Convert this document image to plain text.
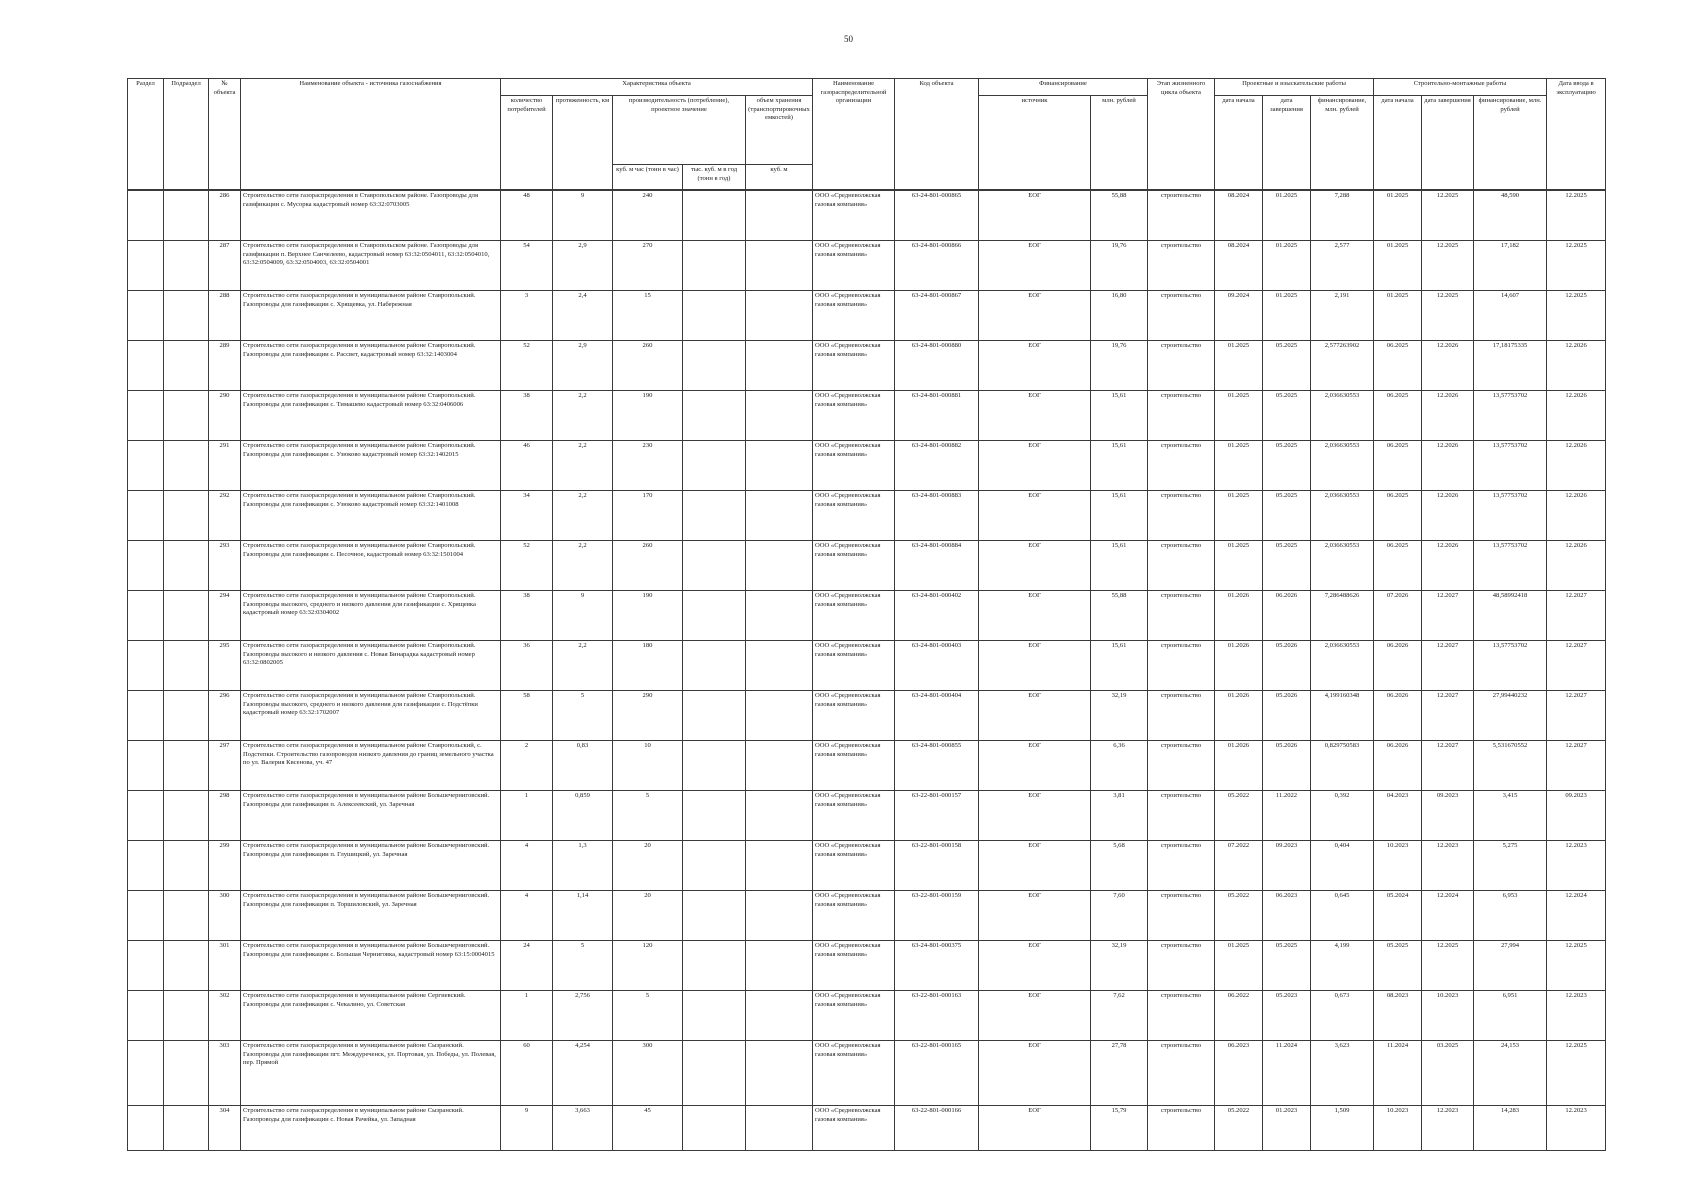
50
Раздел	Подраздел	№ объекта	Наименование объекта - источника газоснабжения	Характеристика объекта					Наименование газораспределительной организации	Код объекта	Финансирование		Этап жизненного цикла объекта	Проектные и изыскательские работы			Строительно-монтажные работы			Дата ввода в эксплуатацию
				количество потребителей	протяженность, км	производительность (потребление), проектное значение		объем хранения (транспортировочных емкостей)			источник	млн. рублей		дата начала	дата завершения	финансирование, млн. рублей	дата начала	дата завершения	финансирование, млн. рублей	
						куб. м час (тонн в час)	тыс. куб. м в год (тонн в год)	куб. м												
		286	Строительство сети газораспределения в Ставропольском районе. Газопроводы для газификации с. Мусорка кадастровый номер 63:32:0703005	48	9	240			ООО «Средневолжская газовая компания»	63-24-801-000865	ЕОГ	55,88	строительство	08.2024	01.2025	7,288	01.2025	12.2025	48,590	12.2025
		287	Строительство сети газораспределения в Ставропольском районе. Газопроводы для газификации п. Верхнее Санчелеево, кадастровый номер 63:32:0504011, 63:32:0504010, 63:32:0504009, 63:32:0504003, 63:32:0504001	54	2,9	270			ООО «Средневолжская газовая компания»	63-24-801-000866	ЕОГ	19,76	строительство	08.2024	01.2025	2,577	01.2025	12.2025	17,182	12.2025
		288	Строительство сети газораспределения в муниципальном районе Ставропольский. Газопроводы для газификации с. Хрящевка, ул. Набережная	3	2,4	15			ООО «Средневолжская газовая компания»	63-24-801-000867	ЕОГ	16,80	строительство	09.2024	01.2025	2,191	01.2025	12.2025	14,607	12.2025
		289	Строительство сети газораспределения в муниципальном районе Ставропольский. Газопроводы для газификации с. Рассвет, кадастровый номер 63:32:1403004	52	2,9	260			ООО «Средневолжская газовая компания»	63-24-801-000880	ЕОГ	19,76	строительство	01.2025	05.2025	2,577263902	06.2025	12.2026	17,18175335	12.2026
		290	Строительство сети газораспределения в муниципальном районе Ставропольский. Газопроводы для газификации с. Тимашево кадастровый номер 63:32:0406006	38	2,2	190			ООО «Средневолжская газовая компания»	63-24-801-000881	ЕОГ	15,61	строительство	01.2025	05.2025	2,036630553	06.2025	12.2026	13,57753702	12.2026
		291	Строительство сети газораспределения в муниципальном районе Ставропольский. Газопроводы для газификации с. Узюково кадастровый номер 63:32:1402015	46	2,2	230			ООО «Средневолжская газовая компания»	63-24-801-000882	ЕОГ	15,61	строительство	01.2025	05.2025	2,036630553	06.2025	12.2026	13,57753702	12.2026
		292	Строительство сети газораспределения в муниципальном районе Ставропольский. Газопроводы для газификации с. Узюково кадастровый номер 63:32:1401008	34	2,2	170			ООО «Средневолжская газовая компания»	63-24-801-000883	ЕОГ	15,61	строительство	01.2025	05.2025	2,036630553	06.2025	12.2026	13,57753702	12.2026
		293	Строительство сети газораспределения в муниципальном районе Ставропольский. Газопроводы для газификации с. Песочное, кадастровый номер 63:32:1501004	52	2,2	260			ООО «Средневолжская газовая компания»	63-24-801-000884	ЕОГ	15,61	строительство	01.2025	05.2025	2,036630553	06.2025	12.2026	13,57753702	12.2026
		294	Строительство сети газораспределения в муниципальном районе Ставропольский. Газопроводы высокого, среднего и низкого давления для газификации с. Хрящевка кадастровый номер 63:32:0304002	38	9	190			ООО «Средневолжская газовая компания»	63-24-801-000402	ЕОГ	55,88	строительство	01.2026	06.2026	7,286488626	07.2026	12.2027	48,58992418	12.2027
		295	Строительство сети газораспределения в муниципальном районе Ставропольский. Газопроводы высокого и низкого давления с. Новая Бинарадка кадастровый номер 63:32:0802005	36	2,2	180			ООО «Средневолжская газовая компания»	63-24-801-000403	ЕОГ	15,61	строительство	01.2026	05.2026	2,036630553	06.2026	12.2027	13,57753702	12.2027
		296	Строительство сети газораспределения в муниципальном районе Ставропольский. Газопроводы высокого, среднего и низкого давления для газификации с. Подстёпки кадастровый номер 63:32:1702007	58	5	290			ООО «Средневолжская газовая компания»	63-24-801-000404	ЕОГ	32,19	строительство	01.2026	05.2026	4,199160348	06.2026	12.2027	27,99440232	12.2027
		297	Строительство сети газораспределения в муниципальном районе Ставропольский, с. Подстепки. Строительство газопроводов низкого давления до границ земельного участка по ул. Валерия Квсенова, уч. 47	2	0,83	10			ООО «Средневолжская газовая компания»	63-24-801-000855	ЕОГ	6,36	строительство	01.2026	05.2026	0,829750583	06.2026	12.2027	5,531670552	12.2027
		298	Строительство сети газораспределения в муниципальном районе Большечерниговский. Газопроводы для газификации п. Алексеевский, ул. Заречная	1	0,859	5			ООО «Средневолжская газовая компания»	63-22-801-000157	ЕОГ	3,81	строительство	05.2022	11.2022	0,392	04.2023	09.2023	3,415	09.2023
		299	Строительство сети газораспределения в муниципальном районе Большечерниговский. Газопроводы для газификации п. Глушицкий, ул. Заречная	4	1,3	20			ООО «Средневолжская газовая компания»	63-22-801-000158	ЕОГ	5,68	строительство	07.2022	09.2023	0,404	10.2023	12.2023	5,275	12.2023
		300	Строительство сети газораспределения в муниципальном районе Большечерниговский. Газопроводы для газификации п. Торшиловский, ул. Заречная	4	1,14	20			ООО «Средневолжская газовая компания»	63-22-801-000159	ЕОГ	7,60	строительство	05.2022	06.2023	0,645	05.2024	12.2024	6,953	12.2024
		301	Строительство сети газораспределения в муниципальном районе Большечерниговский. Газопроводы для газификации с. Большая Черниговка, кадастровый номер 63:15:0004015	24	5	120			ООО «Средневолжская газовая компания»	63-24-801-000375	ЕОГ	32,19	строительство	01.2025	05.2025	4,199	05.2025	12.2025	27,994	12.2025
		302	Строительство сети газораспределения в муниципальном районе Сергиевский. Газопроводы для газификации с. Чекалино, ул. Советская	1	2,756	5			ООО «Средневолжская газовая компания»	63-22-801-000163	ЕОГ	7,62	строительство	06.2022	05.2023	0,673	08.2023	10.2023	6,951	12.2023
		303	Строительство сети газораспределения в муниципальном районе Сызранский. Газопроводы для газификации пгт. Междуреченск, ул. Портовая, ул. Победы, ул. Полевая, пер. Прямой	60	4,254	300			ООО «Средневолжская газовая компания»	63-22-801-000165	ЕОГ	27,78	строительство	06.2023	11.2024	3,623	11.2024	03.2025	24,153	12.2025
		304	Строительство сети газораспределения в муниципальном районе Сызранский. Газопроводы для газификации с. Новая Рачейка, ул. Западная	9	3,663	45			ООО «Средневолжская газовая компания»	63-22-801-000166	ЕОГ	15,79	строительство	05.2022	01.2023	1,509	10.2023	12.2023	14,283	12.2023
